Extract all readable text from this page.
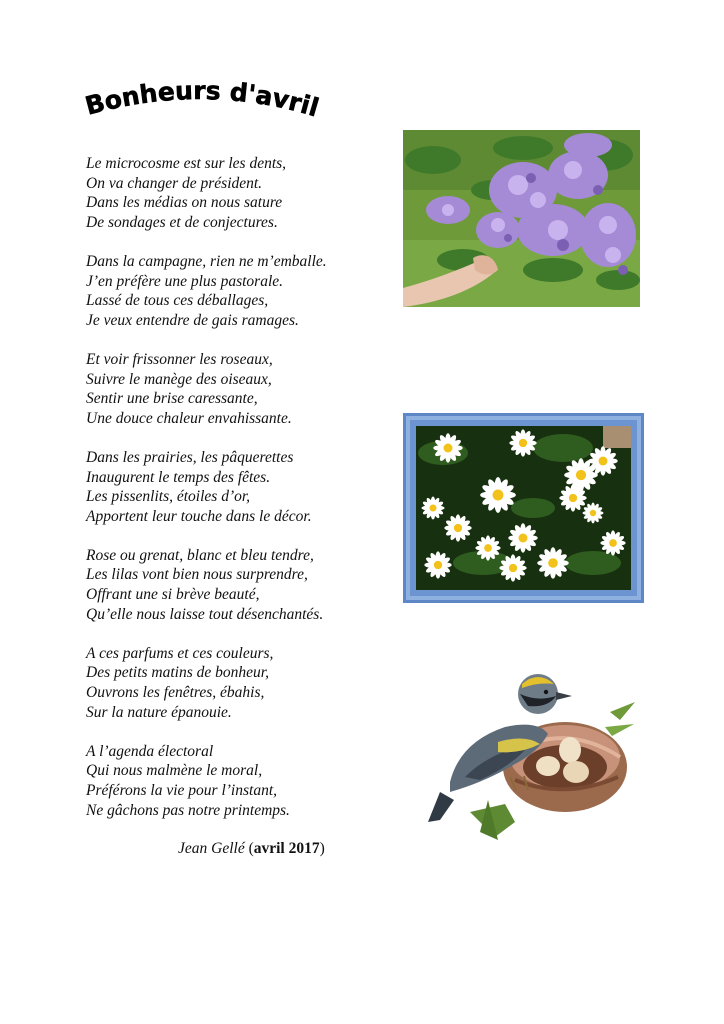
Bonheurs d'avril
Le microcosme est sur les dents,
On va changer de président.
Dans les médias on nous sature
De sondages et de conjectures.
Dans la campagne, rien ne m’emballe.
J’en préfère une plus pastorale.
Lassé de tous ces déballages,
Je veux entendre de gais ramages.
Et voir frissonner les roseaux,
Suivre le manège des oiseaux,
Sentir une brise caressante,
Une douce chaleur envahissante.
Dans les prairies, les pâquerettes
Inaugurent le temps des fêtes.
Les pissenlits, étoiles d’or,
Apportent leur touche dans le décor.
Rose ou grenat, blanc et bleu tendre,
Les lilas vont bien nous surprendre,
Offrant une si brève beauté,
Qu’elle nous laisse tout désenchantés.
A ces parfums et ces couleurs,
Des petits matins de bonheur,
Ouvrons les fenêtres, ébahis,
Sur la nature épanouie.
A l’agenda électoral
Qui nous malmène le moral,
Préférons la vie pour l’instant,
Ne gâchons pas notre printemps.
Jean Gellé (avril 2017)
